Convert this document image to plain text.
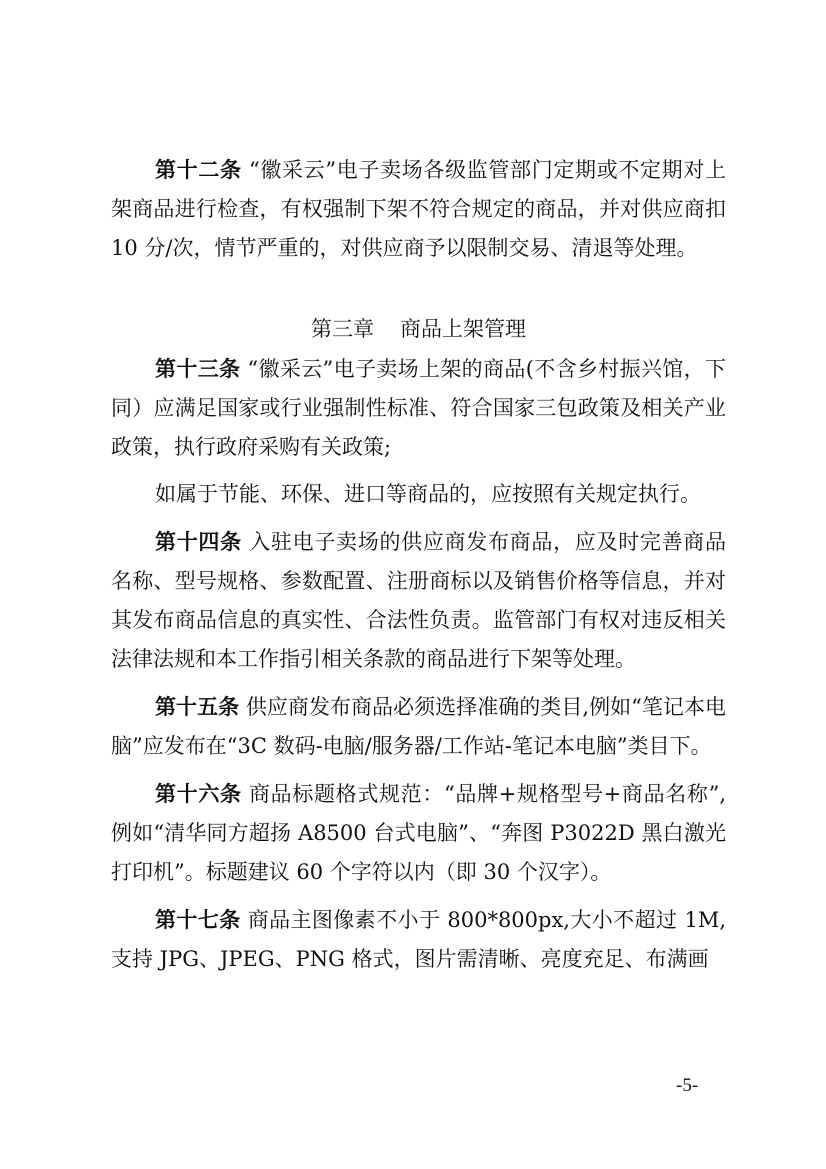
第十二条 “徽采云”电子卖场各级监管部门定期或不定期对上架商品进行检查，有权强制下架不符合规定的商品，并对供应商扣 10 分/次，情节严重的，对供应商予以限制交易、清退等处理。

第三章 商品上架管理

第十三条 “徽采云”电子卖场上架的商品(不含乡村振兴馆，下同）应满足国家或行业强制性标准、符合国家三包政策及相关产业政策，执行政府采购有关政策;

如属于节能、环保、进口等商品的，应按照有关规定执行。

第十四条 入驻电子卖场的供应商发布商品，应及时完善商品名称、型号规格、参数配置、注册商标以及销售价格等信息，并对其发布商品信息的真实性、合法性负责。监管部门有权对违反相关法律法规和本工作指引相关条款的商品进行下架等处理。

第十五条 供应商发布商品必须选择准确的类目,例如“笔记本电脑”应发布在“3C 数码-电脑/服务器/工作站-笔记本电脑”类目下。

第十六条 商品标题格式规范：“品牌+规格型号+商品名称”,例如“清华同方超扬 A8500 台式电脑”、“奔图 P3022D 黑白激光打印机”。标题建议 60 个字符以内（即 30 个汉字）。

第十七条 商品主图像素不小于 800*800px,大小不超过 1M,支持 JPG、JPEG、PNG 格式，图片需清晰、亮度充足、布满画

-5-
